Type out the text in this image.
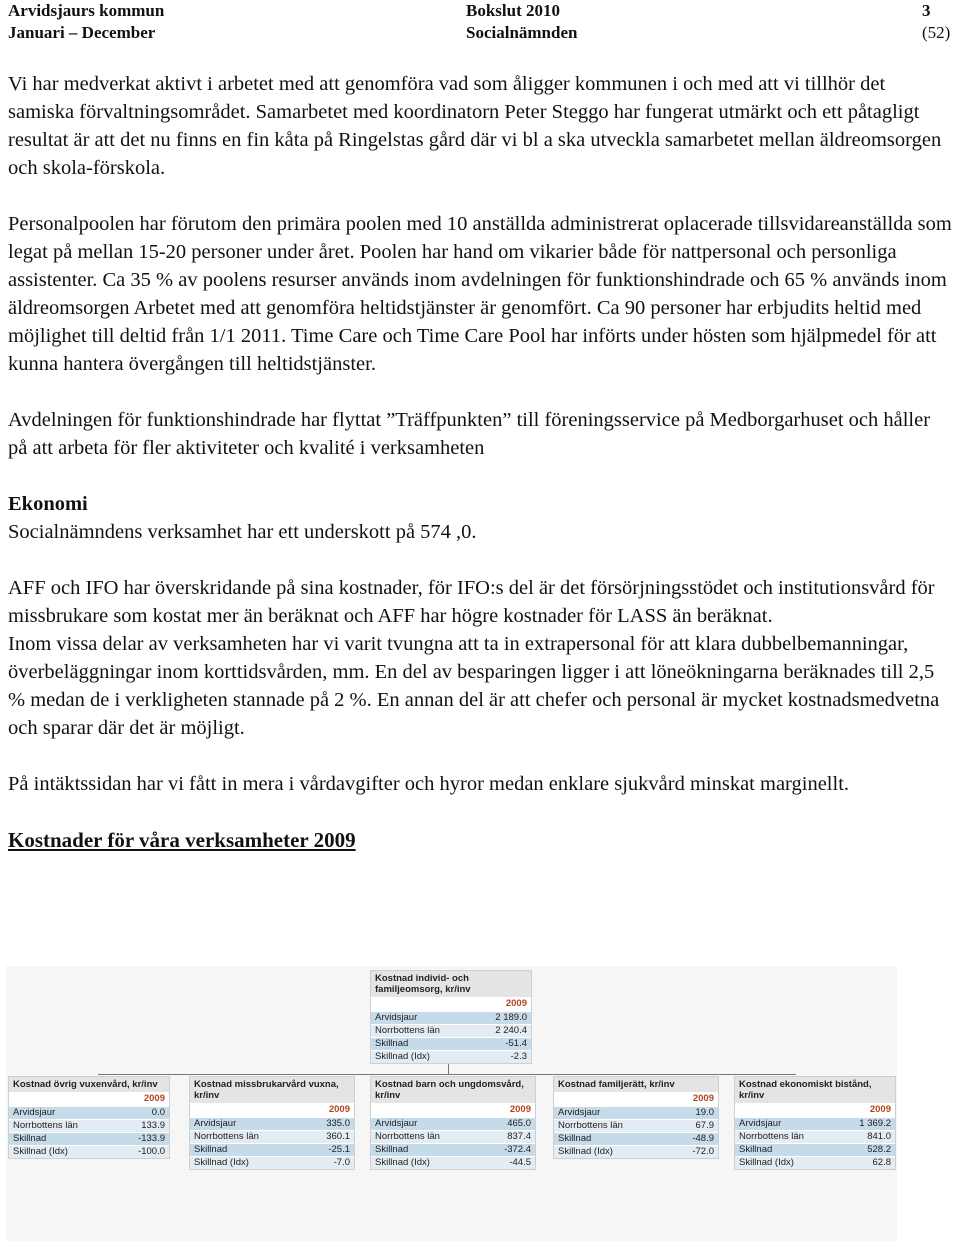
Arvidsjaurs kommun
Januari – December
Bokslut 2010
Socialnämnden
3 (52)

Vi har medverkat aktivt i arbetet med att genomföra vad som åligger kommunen i och med att vi tillhör det samiska förvaltningsområdet. Samarbetet med koordinatorn Peter Steggo har fungerat utmärkt och ett påtagligt resultat är att det nu finns en fin kåta på Ringelstas gård där vi bl a ska utveckla samarbetet mellan äldreomsorgen och skola-förskola.

Personalpoolen har förutom den primära poolen med 10 anställda administrerat oplacerade tillsvidareanställda som legat på mellan 15-20 personer under året. Poolen har hand om vikarier både för nattpersonal och personliga assistenter. Ca 35 % av poolens resurser används inom avdelningen för funktionshindrade och 65 % används inom äldreomsorgen Arbetet med att genomföra heltidstjänster är genomfört. Ca 90 personer har erbjudits heltid med möjlighet till deltid från 1/1 2011. Time Care och Time Care Pool har införts under hösten som hjälpmedel för att kunna hantera övergången till heltidstjänster.

Avdelningen för funktionshindrade har flyttat ”Träffpunkten” till föreningsservice på Medborgarhuset och håller på att arbeta för fler aktiviteter och kvalité i verksamheten

Ekonomi

Socialnämndens verksamhet har ett underskott på 574 ,0.

AFF och IFO har överskridande på sina kostnader, för IFO:s del är det försörjningsstödet och institutionsvård för missbrukare som kostat mer än beräknat och AFF har högre kostnader för LASS än beräknat.

Inom vissa delar av verksamheten har vi varit tvungna att ta in extrapersonal för att klara dubbelbemanningar, överbeläggningar inom korttidsvården, mm. En del av besparingen ligger i att löneökningarna beräknades till 2,5 % medan de i verkligheten stannade på 2 %. En annan del är att chefer och personal är mycket kostnadsmedvetna och sparar där det är möjligt.

På intäktssidan har vi fått in mera i vårdavgifter och hyror medan enklare sjukvård minskat marginellt.

Kostnader för våra verksamheter 2009

Kostnad individ- och familjeomsorg, kr/inv
2009
Arvidsjaur	2 189.0
Norrbottens län	2 240.4
Skillnad	-51.4
Skillnad (Idx)	-2.3
Kostnad övrig vuxenvård, kr/inv
2009
Arvidsjaur	0.0
Norrbottens län	133.9
Skillnad	-133.9
Skillnad (Idx)	-100.0
Kostnad missbrukarvård vuxna, kr/inv
2009
Arvidsjaur	335.0
Norrbottens län	360.1
Skillnad	-25.1
Skillnad (Idx)	-7.0
Kostnad barn och ungdomsvård, kr/inv
2009
Arvidsjaur	465.0
Norrbottens län	837.4
Skillnad	-372.4
Skillnad (Idx)	-44.5
Kostnad familjerätt, kr/inv
2009
Arvidsjaur	19.0
Norrbottens län	67.9
Skillnad	-48.9
Skillnad (Idx)	-72.0
Kostnad ekonomiskt bistånd, kr/inv
2009
Arvidsjaur	1 369.2
Norrbottens län	841.0
Skillnad	528.2
Skillnad (Idx)	62.8
